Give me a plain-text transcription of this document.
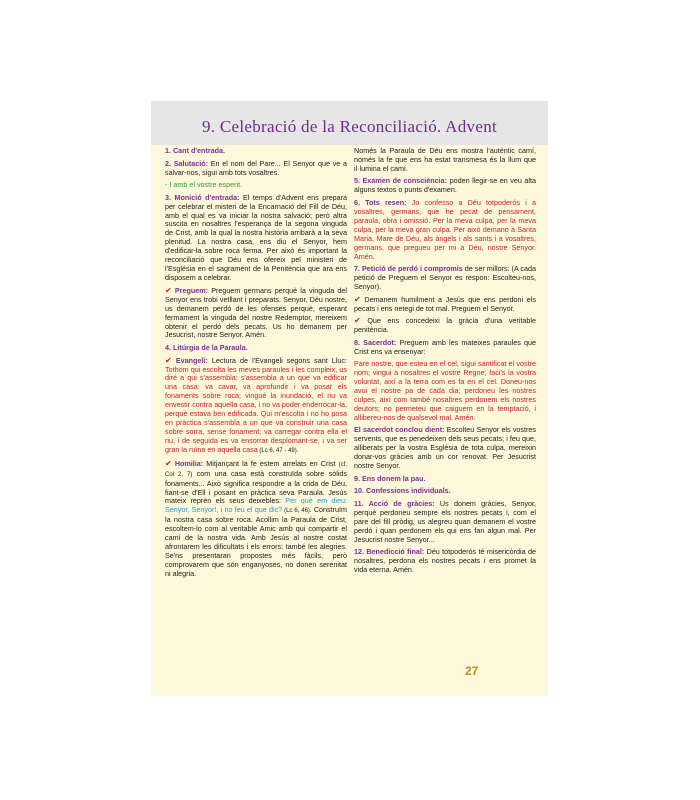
9. Celebració de la Reconciliació. Advent

1. Cant d'entrada.

2. Salutació: En el nom del Pare... El Senyor que ve a salvar-nos, sigui amb tots vosaltres.

- I amb el vostre esperit.

3. Monició d'entrada: El temps d'Advent ens prepara per celebrar el misteri de la Encarnació del Fill de Déu, amb el qual es va iniciar la nostra salvació; però altra suscita en nosaltres l'esperança de la segona vinguda de Crist, amb la qual la nostra història arribarà a la seva plenitud. La nostra casa, ens diu el Senyor, hem d'edificar-la sobre roca ferma. Per això és important la reconciliació que Déu ens ofereix pel ministeri de l'Església en el sagrament de la Penitència que ara ens disposem a celebrar.

✔ Preguem: Preguem germans perquè la vinguda del Senyor ens trobi vetllant i preparats. Senyor, Déu nostre, us demanem perdó de les ofenses perquè, esperant fermament la vinguda del nostre Redemptor, mereixem obtenir el perdó dels pecats. Us ho demanem per Jesucrist, nostre Senyor. Amén.

4. Litúrgia de la Paraula.

✔ Evangeli: Lectura de l'Evangeli segons sant Lluc: Tothom qui escolta les meves paraules i les compleix, us diré a qui s'assembla: s'assembla a un que va edificar una casa: va cavar, va aprofundir i va posar els fonaments sobre roca; vingué la inundació, el riu va envestir contra aquella casa, i no va poder enderrocar-la, perquè estava ben edificada. Qui m'escolta i no ho posa en pràctica s'assembla a un que va construir una casa sobre sorra, sense fonament; va carregar contra ella el riu, i de seguida es va ensorrar desplomant-se, i va ser gran la ruïna en aquella casa (Lc 6, 47 - 49).

✔ Homilia: Mitjançant la fe estem arrelats en Crist (cf. Col 2, 7) com una casa està construïda sobre sòlids fonaments... Això significa respondre a la crida de Déu, fiant-se d'Ell i posant en pràctica seva Paraula. Jesús mateix reprèn els seus deixebles: Per què em dieu: Senyor, Senyor!, i no feu el que dic? (Lc 6, 46). Construïm la nostra casa sobre roca. Acollim la Paraula de Crist, escoltem-lo com al veritable Amic amb qui compartir el camí de la nostra vida. Amb Jesús al nostre costat afrontarem les dificultats i els errors: també les alegries. Se'ns presentaran propostes més fàcils, però comprovarem que són enganyoses, no donen serenitat ni alegria.

Només la Paraula de Déu ens mostra l'autèntic camí, només la fe que ens ha estat transmesa és la llum que il·lumina el camí.

5. Examen de consciència: poden llegir-se en veu alta alguns textos o punts d'examen.

6. Tots resen: Jo confesso a Déu totpoderós i a vosaltres, germans, que he pecat de pensament, paraula, obra i omissió. Per la meva culpa, per la meva culpa, per la meva gran culpa. Per això demano a Santa Maria, Mare de Déu, als àngels i als sants i a vosaltres, germans, que pregueu per mi a Déu, nostre Senyor. Amén.

7. Petició de perdó i compromís de ser millors: (A cada petició de Preguem el Senyor es respon: Escolteu-nos, Senyor).

✔ Demanem humilment a Jesús que ens perdoni els pecats i ens netegi de tot mal. Preguem el Senyor.

✔ Que ens concedeixi la gràcia d'una veritable penitència.

8. Sacerdot: Preguem amb les mateixes paraules que Crist ens va ensenyar:

Pare nostre, que esteu en el cel, sigui santificat el vostre nom; vingui a nosaltres el vostre Regne; faci's la vostra voluntat, així a la terra com es fa en el cel. Doneu-nos avui el nostre pa de cada dia; perdoneu les nostres culpes, així com també nosaltres perdonem els nostres deutors; no permeteu que caiguem en la temptació, i allibereu-nos de qualsevol mal. Amén.

El sacerdot conclou dient: Escolteu Senyor els vostres servents, que es penedeixen dels seus pecats; i feu que, alliberats per la vostra Església de tota culpa, mereixin donar-vos gràcies amb un cor renovat. Per Jesucrist nostre Senyor.

9. Ens donem la pau.

10. Confessions individuals.

11. Acció de gràcies: Us donem gràcies, Senyor, perquè perdoneu sempre els nostres pecats i, com el pare del fill pròdig, us alegreu quan demanem el vostre perdó i quan perdonem els qui ens fan algun mal. Per Jesucrist nostre Senyor...

12. Benedicció final: Déu totpoderós té misericòrdia de nosaltres, perdona els nostres pecats i ens promet la vida eterna. Amén.

27
